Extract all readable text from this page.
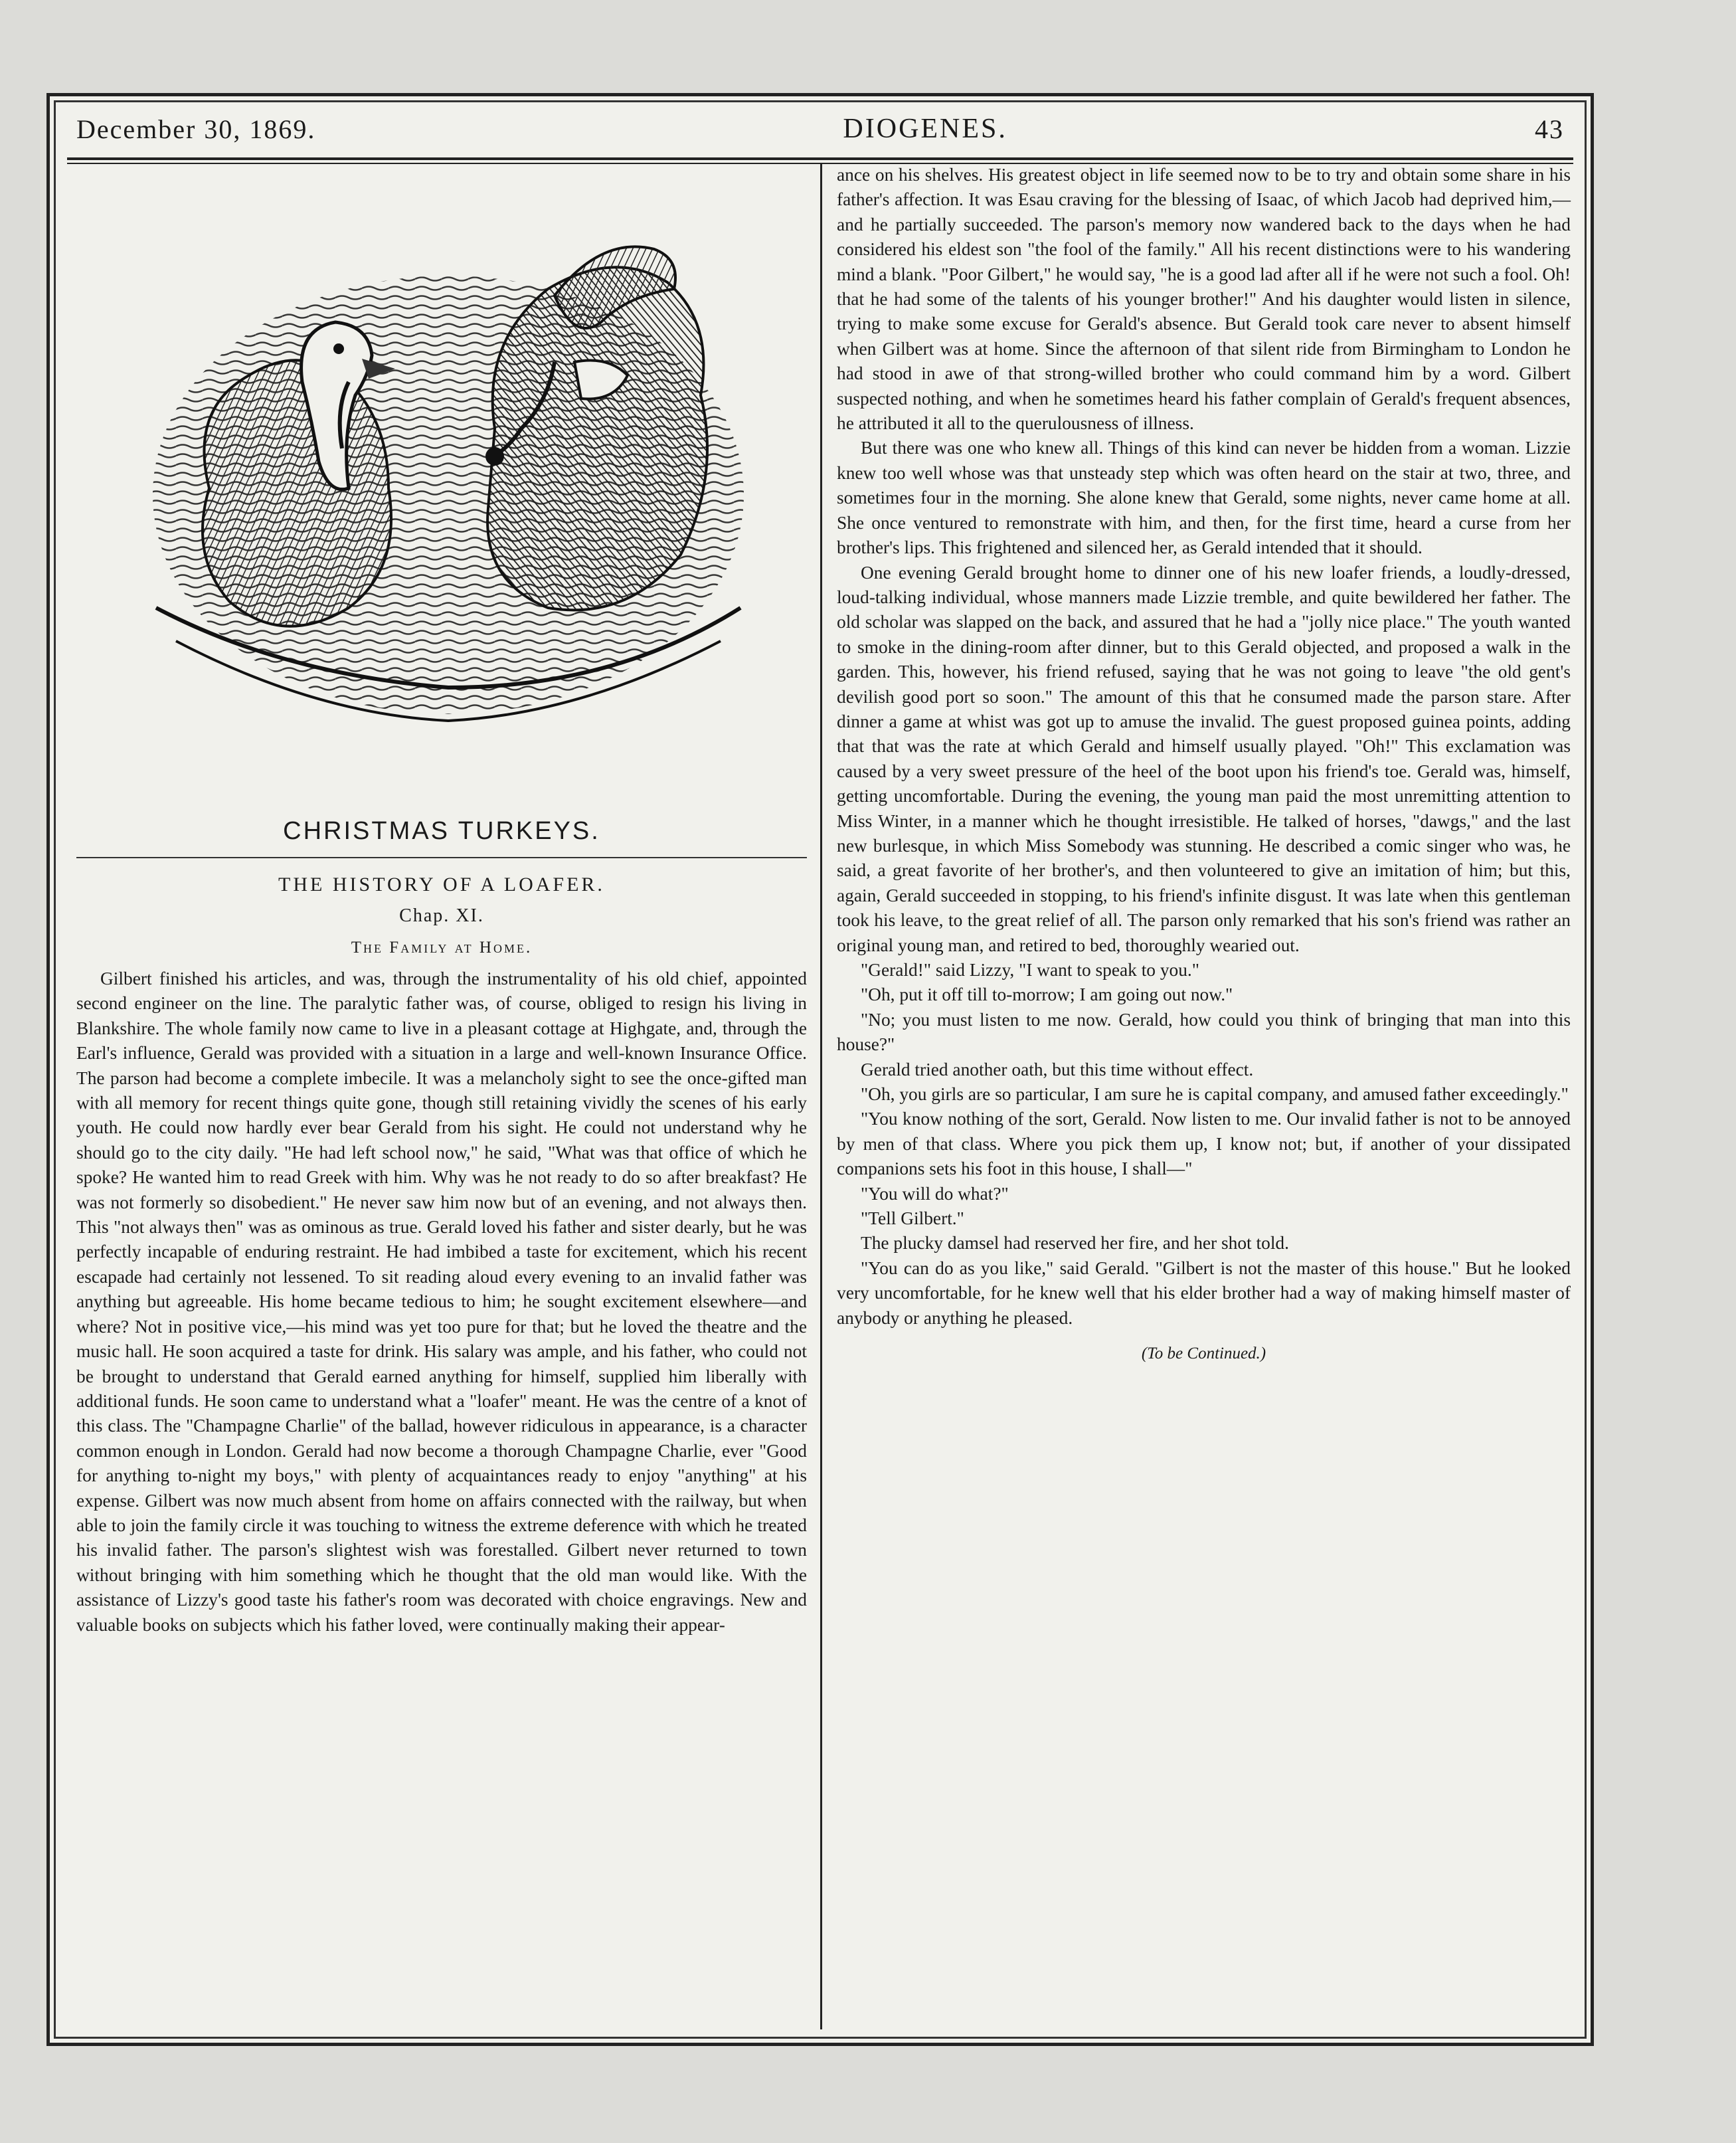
December 30, 1869.	DIOGENES.	43
CHRISTMAS TURKEYS.
THE HISTORY OF A LOAFER.
Chap. XI.
The Family at Home.

Gilbert finished his articles, and was, through the instrumentality of his old chief, appointed second engineer on the line. The paralytic father was, of course, obliged to resign his living in Blankshire. The whole family now came to live in a pleasant cottage at Highgate, and, through the Earl's influence, Gerald was provided with a situation in a large and well-known Insurance Office. The parson had become a complete imbecile. It was a melancholy sight to see the once-gifted man with all memory for recent things quite gone, though still retaining vividly the scenes of his early youth. He could now hardly ever bear Gerald from his sight. He could not understand why he should go to the city daily. "He had left school now," he said, "What was that office of which he spoke? He wanted him to read Greek with him. Why was he not ready to do so after breakfast? He was not formerly so disobedient." He never saw him now but of an evening, and not always then. This "not always then" was as ominous as true. Gerald loved his father and sister dearly, but he was perfectly incapable of enduring restraint. He had imbibed a taste for excitement, which his recent escapade had certainly not lessened. To sit reading aloud every evening to an invalid father was anything but agreeable. His home became tedious to him; he sought excitement elsewhere—and where? Not in positive vice,—his mind was yet too pure for that; but he loved the theatre and the music hall. He soon acquired a taste for drink. His salary was ample, and his father, who could not be brought to understand that Gerald earned anything for himself, supplied him liberally with additional funds. He soon came to understand what a "loafer" meant. He was the centre of a knot of this class. The "Champagne Charlie" of the ballad, however ridiculous in appearance, is a character common enough in London. Gerald had now become a thorough Champagne Charlie, ever "Good for anything to-night my boys," with plenty of acquaintances ready to enjoy "anything" at his expense. Gilbert was now much absent from home on affairs connected with the railway, but when able to join the family circle it was touching to witness the extreme deference with which he treated his invalid father. The parson's slightest wish was forestalled. Gilbert never returned to town without bringing with him something which he thought that the old man would like. With the assistance of Lizzy's good taste his father's room was decorated with choice engravings. New and valuable books on subjects which his father loved, were continually making their appear-

ance on his shelves. His greatest object in life seemed now to be to try and obtain some share in his father's affection. It was Esau craving for the blessing of Isaac, of which Jacob had deprived him,—and he partially succeeded. The parson's memory now wandered back to the days when he had considered his eldest son "the fool of the family." All his recent distinctions were to his wandering mind a blank. "Poor Gilbert," he would say, "he is a good lad after all if he were not such a fool. Oh! that he had some of the talents of his younger brother!" And his daughter would listen in silence, trying to make some excuse for Gerald's absence. But Gerald took care never to absent himself when Gilbert was at home. Since the afternoon of that silent ride from Birmingham to London he had stood in awe of that strong-willed brother who could command him by a word. Gilbert suspected nothing, and when he sometimes heard his father complain of Gerald's frequent absences, he attributed it all to the querulousness of illness.

But there was one who knew all. Things of this kind can never be hidden from a woman. Lizzie knew too well whose was that unsteady step which was often heard on the stair at two, three, and sometimes four in the morning. She alone knew that Gerald, some nights, never came home at all. She once ventured to remonstrate with him, and then, for the first time, heard a curse from her brother's lips. This frightened and silenced her, as Gerald intended that it should.

One evening Gerald brought home to dinner one of his new loafer friends, a loudly-dressed, loud-talking individual, whose manners made Lizzie tremble, and quite bewildered her father. The old scholar was slapped on the back, and assured that he had a "jolly nice place." The youth wanted to smoke in the dining-room after dinner, but to this Gerald objected, and proposed a walk in the garden. This, however, his friend refused, saying that he was not going to leave "the old gent's devilish good port so soon." The amount of this that he consumed made the parson stare. After dinner a game at whist was got up to amuse the invalid. The guest proposed guinea points, adding that that was the rate at which Gerald and himself usually played. "Oh!" This exclamation was caused by a very sweet pressure of the heel of the boot upon his friend's toe. Gerald was, himself, getting uncomfortable. During the evening, the young man paid the most unremitting attention to Miss Winter, in a manner which he thought irresistible. He talked of horses, "dawgs," and the last new burlesque, in which Miss Somebody was stunning. He described a comic singer who was, he said, a great favorite of her brother's, and then volunteered to give an imitation of him; but this, again, Gerald succeeded in stopping, to his friend's infinite disgust. It was late when this gentleman took his leave, to the great relief of all. The parson only remarked that his son's friend was rather an original young man, and retired to bed, thoroughly wearied out.

"Gerald!" said Lizzy, "I want to speak to you."

"Oh, put it off till to-morrow; I am going out now."

"No; you must listen to me now. Gerald, how could you think of bringing that man into this house?"

Gerald tried another oath, but this time without effect.

"Oh, you girls are so particular, I am sure he is capital company, and amused father exceedingly."

"You know nothing of the sort, Gerald. Now listen to me. Our invalid father is not to be annoyed by men of that class. Where you pick them up, I know not; but, if another of your dissipated companions sets his foot in this house, I shall—"

"You will do what?"

"Tell Gilbert."

The plucky damsel had reserved her fire, and her shot told.

"You can do as you like," said Gerald. "Gilbert is not the master of this house." But he looked very uncomfortable, for he knew well that his elder brother had a way of making himself master of anybody or anything he pleased.

(To be Continued.)
